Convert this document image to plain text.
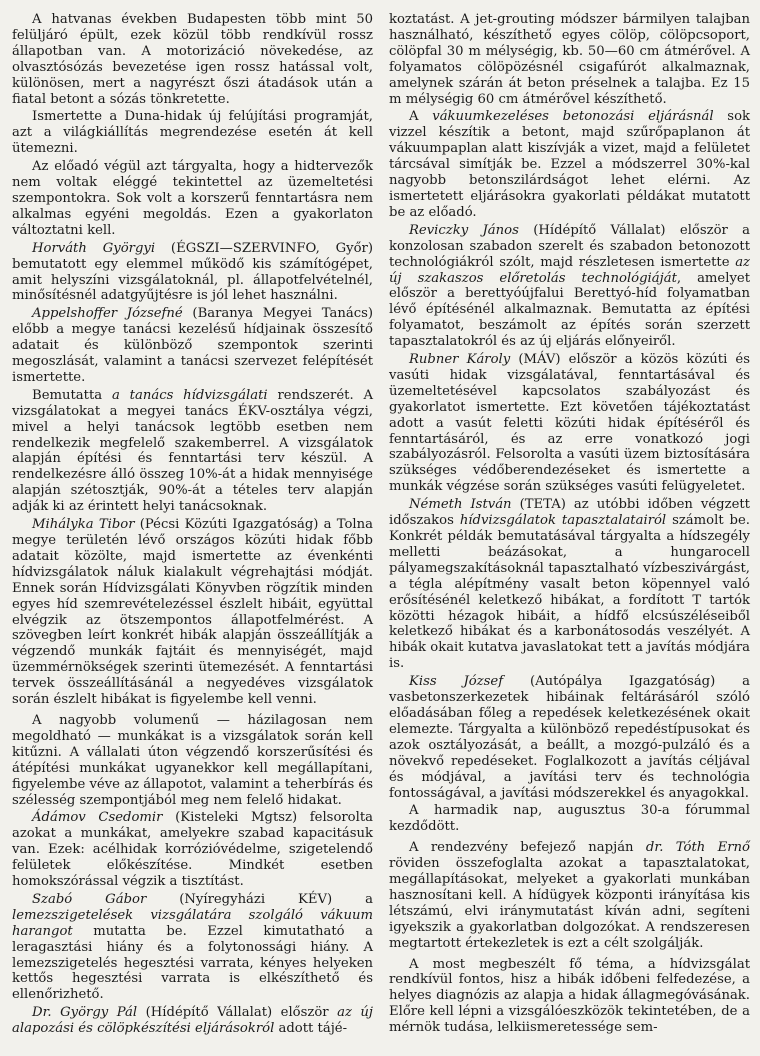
A hatvanas években Budapesten több mint 50 felüljáró épült, ezek közül több rendkívül rossz állapotban van. A motorizáció növekedése, az olvasztósózás bevezetése igen rossz hatással volt, különösen, mert a nagyrészt őszi átadások után a fiatal betont a sózás tönkretette.

Ismertette a Duna-hidak új felújítási programját, azt a világkiállítás megrendezése esetén át kell ütemezni.

Az előadó végül azt tárgyalta, hogy a hidtervezők nem voltak eléggé tekintettel az üzemeltetési szempontokra. Sok volt a korszerű fenntartásra nem alkalmas egyéni megoldás. Ezen a gyakorlaton változtatni kell.

Horváth Györgyi (ÉGSZI—SZERVINFO, Győr) bemutatott egy elemmel működő kis számítógépet, amit helyszíni vizsgálatoknál, pl. állapotfelvételnél, minősítésnél adatgyűjtésre is jól lehet használni.

Appelshoffer Józsefné (Baranya Megyei Tanács) előbb a megye tanácsi kezelésű hídjainak összesítő adatait és különböző szempontok szerinti megoszlását, valamint a tanácsi szervezet felépítését ismertette.

Bemutatta a tanács hídvizsgálati rendszerét. A vizsgálatokat a megyei tanács ÉKV-osztálya végzi, mivel a helyi tanácsok legtöbb esetben nem rendelkezik megfelelő szakemberrel. A vizsgálatok alapján építési és fenntartási terv készül. A rendelkezésre álló összeg 10%-át a hidak mennyisége alapján szétosztják, 90%-át a tételes terv alapján adják ki az érintett helyi tanácsoknak.

Mihályka Tibor (Pécsi Közúti Igazgatóság) a Tolna megye területén lévő országos közúti hidak főbb adatait közölte, majd ismertette az évenkénti hídvizsgálatok náluk kialakult végrehajtási módját. Ennek során Hídvizsgálati Könyvben rögzítik minden egyes híd szemrevételezéssel észlelt hibáit, együttal elvégzik az ötszempontos állapotfelmérést. A szövegben leírt konkrét hibák alapján összeállítják a végzendő munkák fajtáit és mennyiségét, majd üzemmérnökségek szerinti ütemezését. A fenntartási tervek összeállításánál a negyedéves vizsgálatok során észlelt hibákat is figyelembe kell venni.

A nagyobb volumenű — házilagosan nem megoldható — munkákat is a vizsgálatok során kell kitűzni. A vállalati úton végzendő korszerűsítési és átépítési munkákat ugyanekkor kell megállapítani, figyelembe véve az állapotot, valamint a teherbírás és szélesség szempontjából meg nem felelő hidakat.

Ádámov Csedomir (Kisteleki Mgtsz) felsorolta azokat a munkákat, amelyekre szabad kapacitásuk van. Ezek: acélhidak korrózióvédelme, szigetelendő felületek előkészítése. Mindkét esetben homokszórással végzik a tisztítást.

Szabó Gábor (Nyíregyházi KÉV) a lemezszigetelések vizsgálatára szolgáló vákuum harangot mutatta be. Ezzel kimutatható a leragasztási hiány és a folytonossági hiány. A lemezszigetelés hegesztési varrata, kényes helyeken kettős hegesztési varrata is elkészíthető és ellenőrizhető.

Dr. György Pál (Hídépítő Vállalat) először az új alapozási és cölöpkészítési eljárásokról adott tájé-

koztatást. A jet-grouting módszer bármilyen talajban használható, készíthető egyes cölöp, cölöpcsoport, cölöpfal 30 m mélységig, kb. 50—60 cm átmérővel. A folyamatos cölöpözésnél csigafúrót alkalmaznak, amelynek szárán át beton préselnek a talajba. Ez 15 m mélységig 60 cm átmérővel készíthető.

A vákuumkezeléses betonozási eljárásnál sok vizzel készítik a betont, majd szűrőpaplanon át vákuumpaplan alatt kiszívják a vizet, majd a felületet tárcsával simítják be. Ezzel a módszerrel 30%-kal nagyobb betonszilárdságot lehet elérni. Az ismertetett eljárásokra gyakorlati példákat mutatott be az előadó.

Reviczky János (Hídépítő Vállalat) először a konzolosan szabadon szerelt és szabadon betonozott technológiákról szólt, majd részletesen ismertette az új szakaszos előretolás technológiáját, amelyet először a berettyóújfalui Berettyó-híd folyamatban lévő építésénél alkalmaznak. Bemutatta az építési folyamatot, beszámolt az építés során szerzett tapasztalatokról és az új eljárás előnyeiről.

Rubner Károly (MÁV) először a közös közúti és vasúti hidak vizsgálatával, fenntartásával és üzemeltetésével kapcsolatos szabályozást és gyakorlatot ismertette. Ezt követően tájékoztatást adott a vasút feletti közúti hidak építéséről és fenntartásáról, és az erre vonatkozó jogi szabályozásról. Felsorolta a vasúti üzem biztosítására szükséges védőberendezéseket és ismertette a munkák végzése során szükséges vasúti felügyeletet.

Németh István (TETA) az utóbbi időben végzett időszakos hídvizsgálatok tapasztalatairól számolt be. Konkrét példák bemutatásával tárgyalta a hídszegély melletti beázásokat, a hungarocell pályamegszakításoknál tapasztalható vízbeszivárgást, a tégla alépítmény vasalt beton köpennyel való erősítésénél keletkező hibákat, a fordított T tartók közötti hézagok hibáit, a hídfő elcsúszéléseiből keletkező hibákat és a karbonátosodás veszélyét. A hibák okait kutatva javaslatokat tett a javítás módjára is.

Kiss József (Autópálya Igazgatóság) a vasbetonszerkezetek hibáinak feltárásáról szóló előadásában főleg a repedések keletkezésének okait elemezte. Tárgyalta a különböző repedéstípusokat és azok osztályozását, a beállt, a mozgó-pulzáló és a növekvő repedéseket. Foglalkozott a javítás céljával és módjával, a javítási terv és technológia fontosságával, a javítási módszerekkel és anyagokkal.

A harmadik nap, augusztus 30-a fórummal kezdődött.

A rendezvény befejező napján dr. Tóth Ernő röviden összefoglalta azokat a tapasztalatokat, megállapításokat, melyeket a gyakorlati munkában hasznosítani kell. A hídügyek központi irányítása kis létszámú, elvi iránymutatást kíván adni, segíteni igyekszik a gyakorlatban dolgozókat. A rendszeresen megtartott értekezletek is ezt a célt szolgálják.

A most megbeszélt fő téma, a hídvizsgálat rendkívül fontos, hisz a hibák időbeni felfedezése, a helyes diagnózis az alapja a hidak állagmegóvásának. Előre kell lépni a vizsgálóeszközök tekintetében, de a mérnök tudása, lelkiismeretessége sem-
